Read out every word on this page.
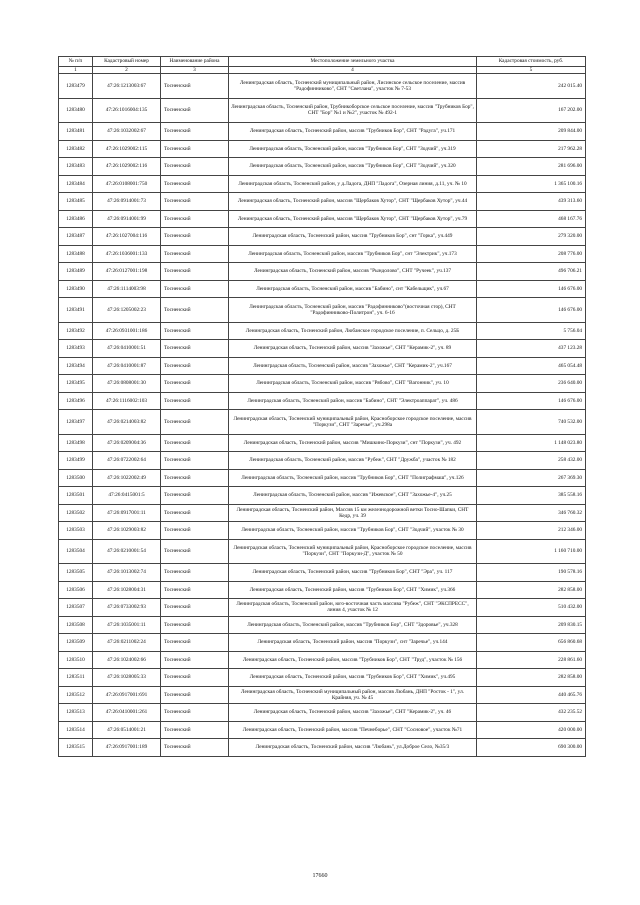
№ п/п	Кадастровый номер	Наименование района	Местоположение земельного участка	Кадастровая стоимость, руб.
1	2	3	4	5
1283479	47:26:1213003:67	Тосненский	Ленинградская область, Тосненский муниципальный район, Лисинское сельское поселение, массив "Радофинниково", СНТ "Светлана", участок № 7-53	242 015.40
1283480	47:26:1016004:135	Тосненский	Ленинградская область, Тосненский район, Трубникоборское сельское поселение, массив "Трубников Бор", СНТ "Бор" №1 и №2", участок № 492-1	167 202.00
1283481	47:26:1032002:67	Тосненский	Ленинградская область, Тосненский район, массив "Трубников Бор", СНТ "Радуга", уч.171	209 844.00
1283482	47:26:1029002:115	Тосненский	Ленинградская область, Тосненский район, массив "Трубников Бор", СНТ "Зодчий", уч.319	217 962.28
1283483	47:26:1029002:116	Тосненский	Ленинградская область, Тосненский район, массив "Трубников Бор", СНТ "Зодчий", уч.320	281 696.00
1283484	47:26:0108001:750	Тосненский	Ленинградская область, Тосненский район, у д.Ладога, ДНП "Ладога", Озерная линия, д.11, уч. № 10	1 365 100.16
1283485	47:26:0914001:73	Тосненский	Ленинградская область, Тосненский район, массив "Щербаков Хутор", СНТ "Щербаков Хутор", уч.44	439 313.60
1283486	47:26:0914001:99	Тосненский	Ленинградская область, Тосненский район, массив "Щербаков Хутор", СНТ "Щербаков Хутор", уч.79	468 167.76
1283487	47:26:1027004:116	Тосненский	Ленинградская область, Тосненский район, массив "Трубников Бор", снт "Горка", уч.449	279 320.00
1283488	47:26:1036001:133	Тосненский	Ленинградская область, Тосненский район, массив "Трубников Бор", снт "Электрик", уч.173	208 776.00
1283489	47:26:0127001:198	Тосненский	Ленинградская область, Тосненский район, массив "Рындолово", СНТ "Ручеек", уч.137	496 706.21
1283490	47:26:1114003:98	Тосненский	Ленинградская область, Тосненский район, массив "Бабино", снт "Кабельщик", уч.67	146 676.00
1283491	47:26:1205002:23	Тосненский	Ленинградская область, Тосненский район, массив "Радофинниково"(восточная стор), СНТ "Радофинниково-Политрон", уч. 6-16	146 676.00
1283492	47:26:0931001:186	Тосненский	Ленинградская область, Тосненский район, Любанское городское поселение, п. Сельцо, д. 25Б	5 756.04
1283493	47:26:0410001:51	Тосненский	Ленинградская область, Тосненский район, массив "Захожье", СНТ "Керамик-2", уч. 89	437 123.28
1283494	47:26:0410001:87	Тосненский	Ленинградская область, Тосненский район, массив "Захожье", СНТ "Керамик-2", уч.167	465 054.48
1283495	47:26:0808001:30	Тосненский	Ленинградская область, Тосненский район, массив "Рябово", СНТ "Вагонник", уч. 10	236 640.00
1283496	47:26:1116002:103	Тосненский	Ленинградская область, Тосненский район, массив "Бабино", СНТ "Электроаппарат", уч. 486	146 676.00
1283497	47:26:0214003:82	Тосненский	Ленинградская область, Тосненский муниципальный район, Красноборское городское поселение, массив "Поркузи", СНТ "Заречье", уч.298а	740 532.00
1283498	47:26:0209004:36	Тосненский	Ленинградская область, Тосненский район, массив "Мишкино-Поркузи", снт "Поркузи", уч. 492	1 148 023.80
1283499	47:26:0722002:64	Тосненский	Ленинградская область, Тосненский район, массив "Рубеж", СНТ "Дружба", участок № 182	258 432.00
1283500	47:26:1022002:49	Тосненский	Ленинградская область, Тосненский район, массив "Трубников Бор", СНТ "Полиграфмаш", уч.126	267 369.30
1283501	47:26:0415001:5	Тосненский	Ленинградская область, Тосненский район, массив "Ижевское", СНТ "Захожье-4", уч.25	385 558.16
1283502	47:26:0917001:11	Тосненский	Ленинградская область, Тосненский район, Массив 15 км железнодорожной ветки Тосно-Шапки, СНТ Кедр, уч. 39	346 760.32
1283503	47:26:1029003:82	Тосненский	Ленинградская область, Тосненский район, массив "Трубников Бор", СНТ "Зодчий", участок № 30	212 346.00
1283504	47:26:0210001:54	Тосненский	Ленинградская область, Тосненский муниципальный район, Красноборское городское поселение, массив "Поркузи", СНТ "Поркузи-Д", участок № 50	1 160 710.00
1283505	47:26:1013002:74	Тосненский	Ленинградская область, Тосненский район, массив "Трубников Бор", СНТ "Эра", уч. 117	190 578.16
1283506	47:26:1028004:31	Тосненский	Ленинградская область, Тосненский район, массив "Трубников Бор", СНТ "Химик", уч.366	282 858.00
1283507	47:26:0733002:93	Тосненский	Ленинградская область, Тосненский район, юго-восточная часть массива "Рубеж", СНТ "ЭКСПРЕСС", линия 4, участок № 12	510 432.00
1283508	47:26:1035001:11	Тосненский	Ленинградская область, Тосненский район, массив "Трубников Бор", СНТ "Здоровье", уч.328	209 830.15
1283509	47:26:0211002:24	Тосненский	Ленинградская область, Тосненский район, массив "Поркузи", снт "Заречье", уч.144	656 860.68
1283510	47:26:1024002:66	Тосненский	Ленинградская область, Тосненский район, массив "Трубников Бор", СНТ "Труд", участок № 156	228 861.60
1283511	47:26:1028005:33	Тосненский	Ленинградская область, Тосненский район, массив "Трубников Бор", СНТ "Химик", уч.495	282 858.00
1283512	47:26:0917001:691	Тосненский	Ленинградская область, Тосненский муниципальный район, массив Любань, ДНП "Росток - 1", ул. Крайняя, уч. № 45	440 465.76
1283513	47:26:0410001:261	Тосненский	Ленинградская область, Тосненский район, массив "Захожье", СНТ "Керамик-2", уч. 46	432 235.52
1283514	47:26:0514001:21	Тосненский	Ленинградская область, Тосненский район, массив "Печнеборье", СНТ "Сосновое", участок №71	420 000.00
1283515	47:26:0917001:189	Тосненский	Ленинградская область, Тосненский район, массив "Любань", ул.Доброе Село, №35/3	690 300.00
17660
